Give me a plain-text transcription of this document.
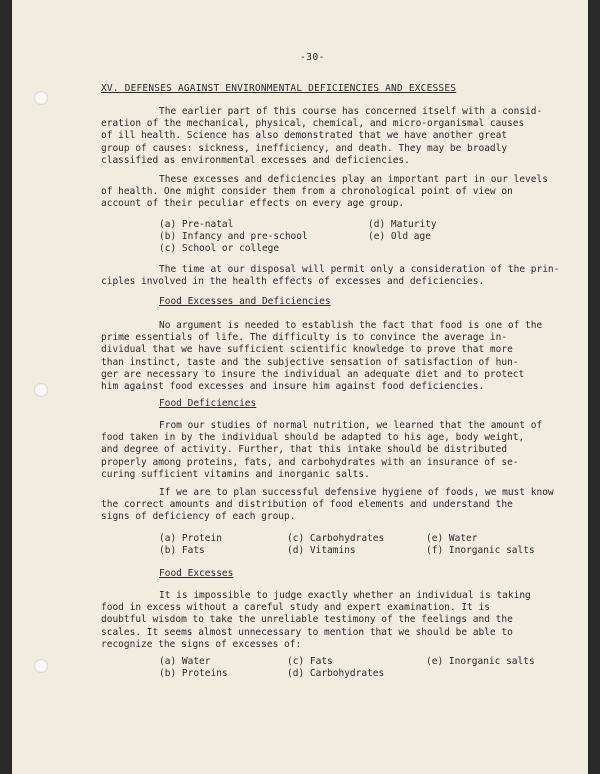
-30-
XV. DEFENSES AGAINST ENVIRONMENTAL DEFICIENCIES AND EXCESSES

The earlier part of this course has concerned itself with a consid-
eration of the mechanical, physical, chemical, and micro-organismal causes
of ill health. Science has also demonstrated that we have another great
group of causes: sickness, inefficiency, and death. They may be broadly
classified as environmental excesses and deficiencies.

These excesses and deficiencies play an important part in our levels
of health. One might consider them from a chronological point of view on
account of their peculiar effects on every age group.

(a) Pre-natal
(b) Infancy and pre-school
(c) School or college
(d) Maturity
(e) Old age

The time at our disposal will permit only a consideration of the prin-
ciples involved in the health effects of excesses and deficiencies.

Food Excesses and Deficiencies

No argument is needed to establish the fact that food is one of the
prime essentials of life. The difficulty is to convince the average in-
dividual that we have sufficient scientific knowledge to prove that more
than instinct, taste and the subjective sensation of satisfaction of hun-
ger are necessary to insure the individual an adequate diet and to protect
him against food excesses and insure him against food deficiencies.

Food Deficiencies

From our studies of normal nutrition, we learned that the amount of
food taken in by the individual should be adapted to his age, body weight,
and degree of activity. Further, that this intake should be distributed
properly among proteins, fats, and carbohydrates with an insurance of se-
curing sufficient vitamins and inorganic salts.

If we are to plan successful defensive hygiene of foods, we must know
the correct amounts and distribution of food elements and understand the
signs of deficiency of each group.

(a) Protein
(b) Fats
(c) Carbohydrates
(d) Vitamins
(e) Water
(f) Inorganic salts
Food Excesses

It is impossible to judge exactly whether an individual is taking
food in excess without a careful study and expert examination. It is
doubtful wisdom to take the unreliable testimony of the feelings and the
scales. It seems almost unnecessary to mention that we should be able to
recognize the signs of excesses of:

(a) Water
(b) Proteins
(c) Fats
(d) Carbohydrates
(e) Inorganic salts
